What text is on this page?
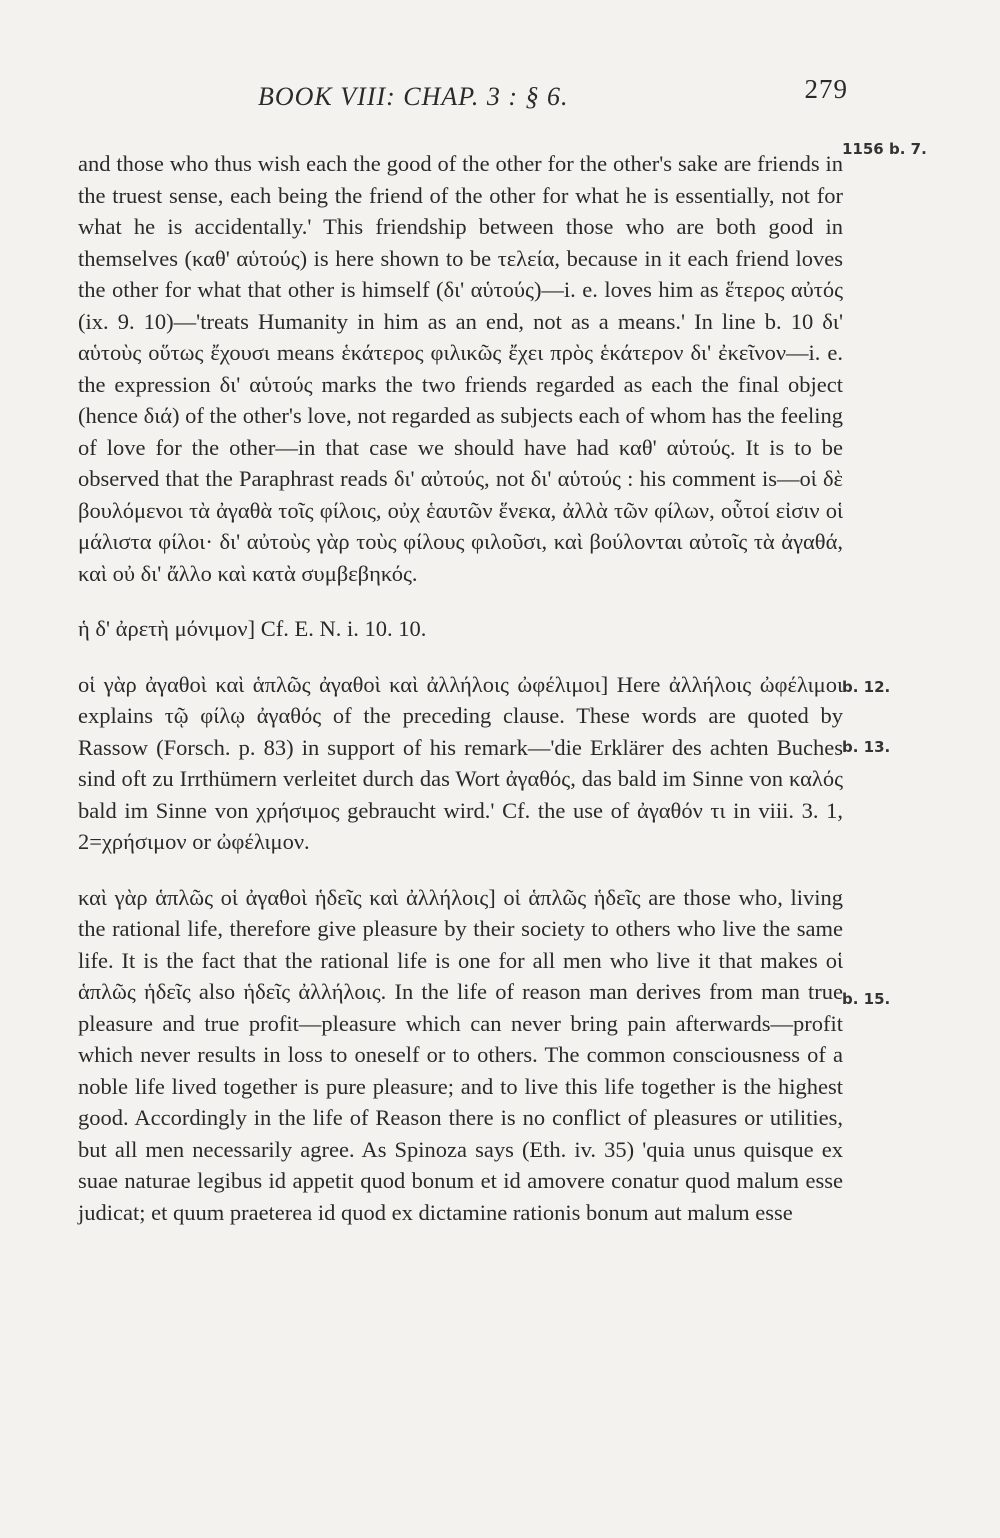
BOOK VIII: CHAP. 3 : § 6.	279
1156 b. 7.
b. 12.
b. 13.
b. 15.

and those who thus wish each the good of the other for the other's sake are friends in the truest sense, each being the friend of the other for what he is essentially, not for what he is accidentally.' This friendship between those who are both good in themselves (καθ' αὑτούς) is here shown to be τελεία, because in it each friend loves the other for what that other is himself (δι' αὑτούς)—i. e. loves him as ἕτερος αὐτός (ix. 9. 10)—'treats Humanity in him as an end, not as a means.' In line b. 10 δι' αὑτοὺς οὕτως ἔχουσι means ἑκάτερος φιλικῶς ἔχει πρὸς ἑκάτερον δι' ἐκεῖνον—i. e. the expression δι' αὑτούς marks the two friends regarded as each the final object (hence διά) of the other's love, not regarded as subjects each of whom has the feeling of love for the other—in that case we should have had καθ' αὑτούς. It is to be observed that the Paraphrast reads δι' αὐτούς, not δι' αὑτούς : his comment is—οἱ δὲ βουλόμενοι τὰ ἀγαθὰ τοῖς φίλοις, οὐχ ἑαυτῶν ἕνεκα, ἀλλὰ τῶν φίλων, οὗτοί εἰσιν οἱ μάλιστα φίλοι· δι' αὐτοὺς γὰρ τοὺς φίλους φιλοῦσι, καὶ βούλονται αὐτοῖς τὰ ἀγαθά, καὶ οὐ δι' ἄλλο καὶ κατὰ συμβεβηκός.

ἡ δ' ἀρετὴ μόνιμον] Cf. E. N. i. 10. 10.

οἱ γὰρ ἀγαθοὶ καὶ ἁπλῶς ἀγαθοὶ καὶ ἀλλήλοις ὠφέλιμοι] Here ἀλλήλοις ὠφέλιμοι explains τῷ φίλῳ ἀγαθός of the preceding clause. These words are quoted by Rassow (Forsch. p. 83) in support of his remark—'die Erklärer des achten Buches sind oft zu Irrthümern verleitet durch das Wort ἀγαθός, das bald im Sinne von καλός bald im Sinne von χρήσιμος gebraucht wird.' Cf. the use of ἀγαθόν τι in viii. 3. 1, 2=χρήσιμον or ὠφέλιμον.

καὶ γὰρ ἁπλῶς οἱ ἀγαθοὶ ἡδεῖς καὶ ἀλλήλοις] οἱ ἁπλῶς ἡδεῖς are those who, living the rational life, therefore give pleasure by their society to others who live the same life. It is the fact that the rational life is one for all men who live it that makes οἱ ἁπλῶς ἡδεῖς also ἡδεῖς ἀλλήλοις. In the life of reason man derives from man true pleasure and true profit—pleasure which can never bring pain afterwards—profit which never results in loss to oneself or to others. The common consciousness of a noble life lived together is pure pleasure; and to live this life together is the highest good. Accordingly in the life of Reason there is no conflict of pleasures or utilities, but all men necessarily agree. As Spinoza says (Eth. iv. 35) 'quia unus quisque ex suae naturae legibus id appetit quod bonum et id amovere conatur quod malum esse judicat; et quum praeterea id quod ex dictamine rationis bonum aut malum esse
